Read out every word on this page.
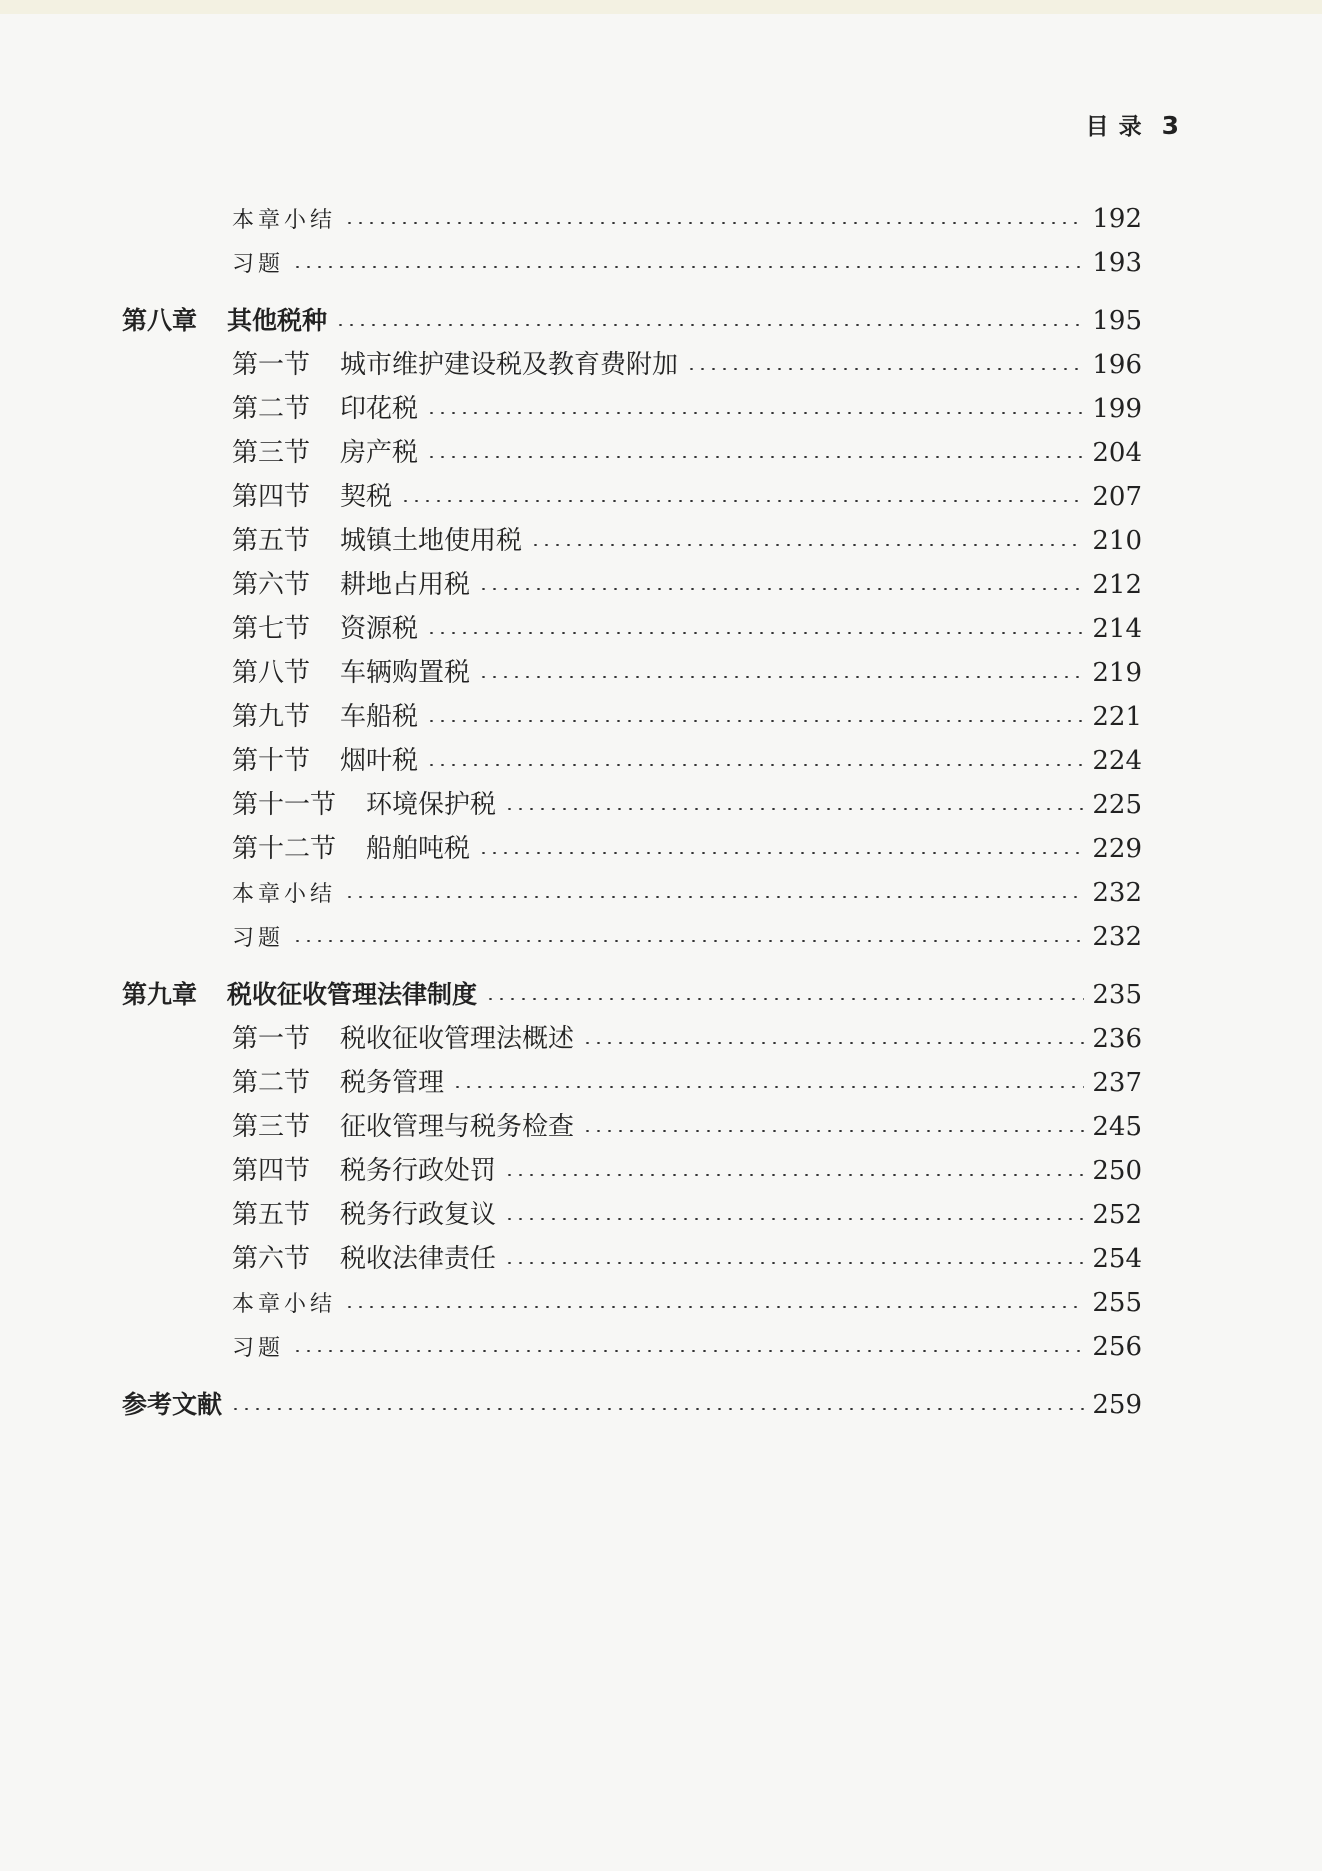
目 录 3
本章小结	192
习题	193
第八章 其他税种	195
第一节 城市维护建设税及教育费附加	196
第二节 印花税	199
第三节 房产税	204
第四节 契税	207
第五节 城镇土地使用税	210
第六节 耕地占用税	212
第七节 资源税	214
第八节 车辆购置税	219
第九节 车船税	221
第十节 烟叶税	224
第十一节 环境保护税	225
第十二节 船舶吨税	229
本章小结	232
习题	232
第九章 税收征收管理法律制度	235
第一节 税收征收管理法概述	236
第二节 税务管理	237
第三节 征收管理与税务检查	245
第四节 税务行政处罚	250
第五节 税务行政复议	252
第六节 税收法律责任	254
本章小结	255
习题	256
参考文献	259
